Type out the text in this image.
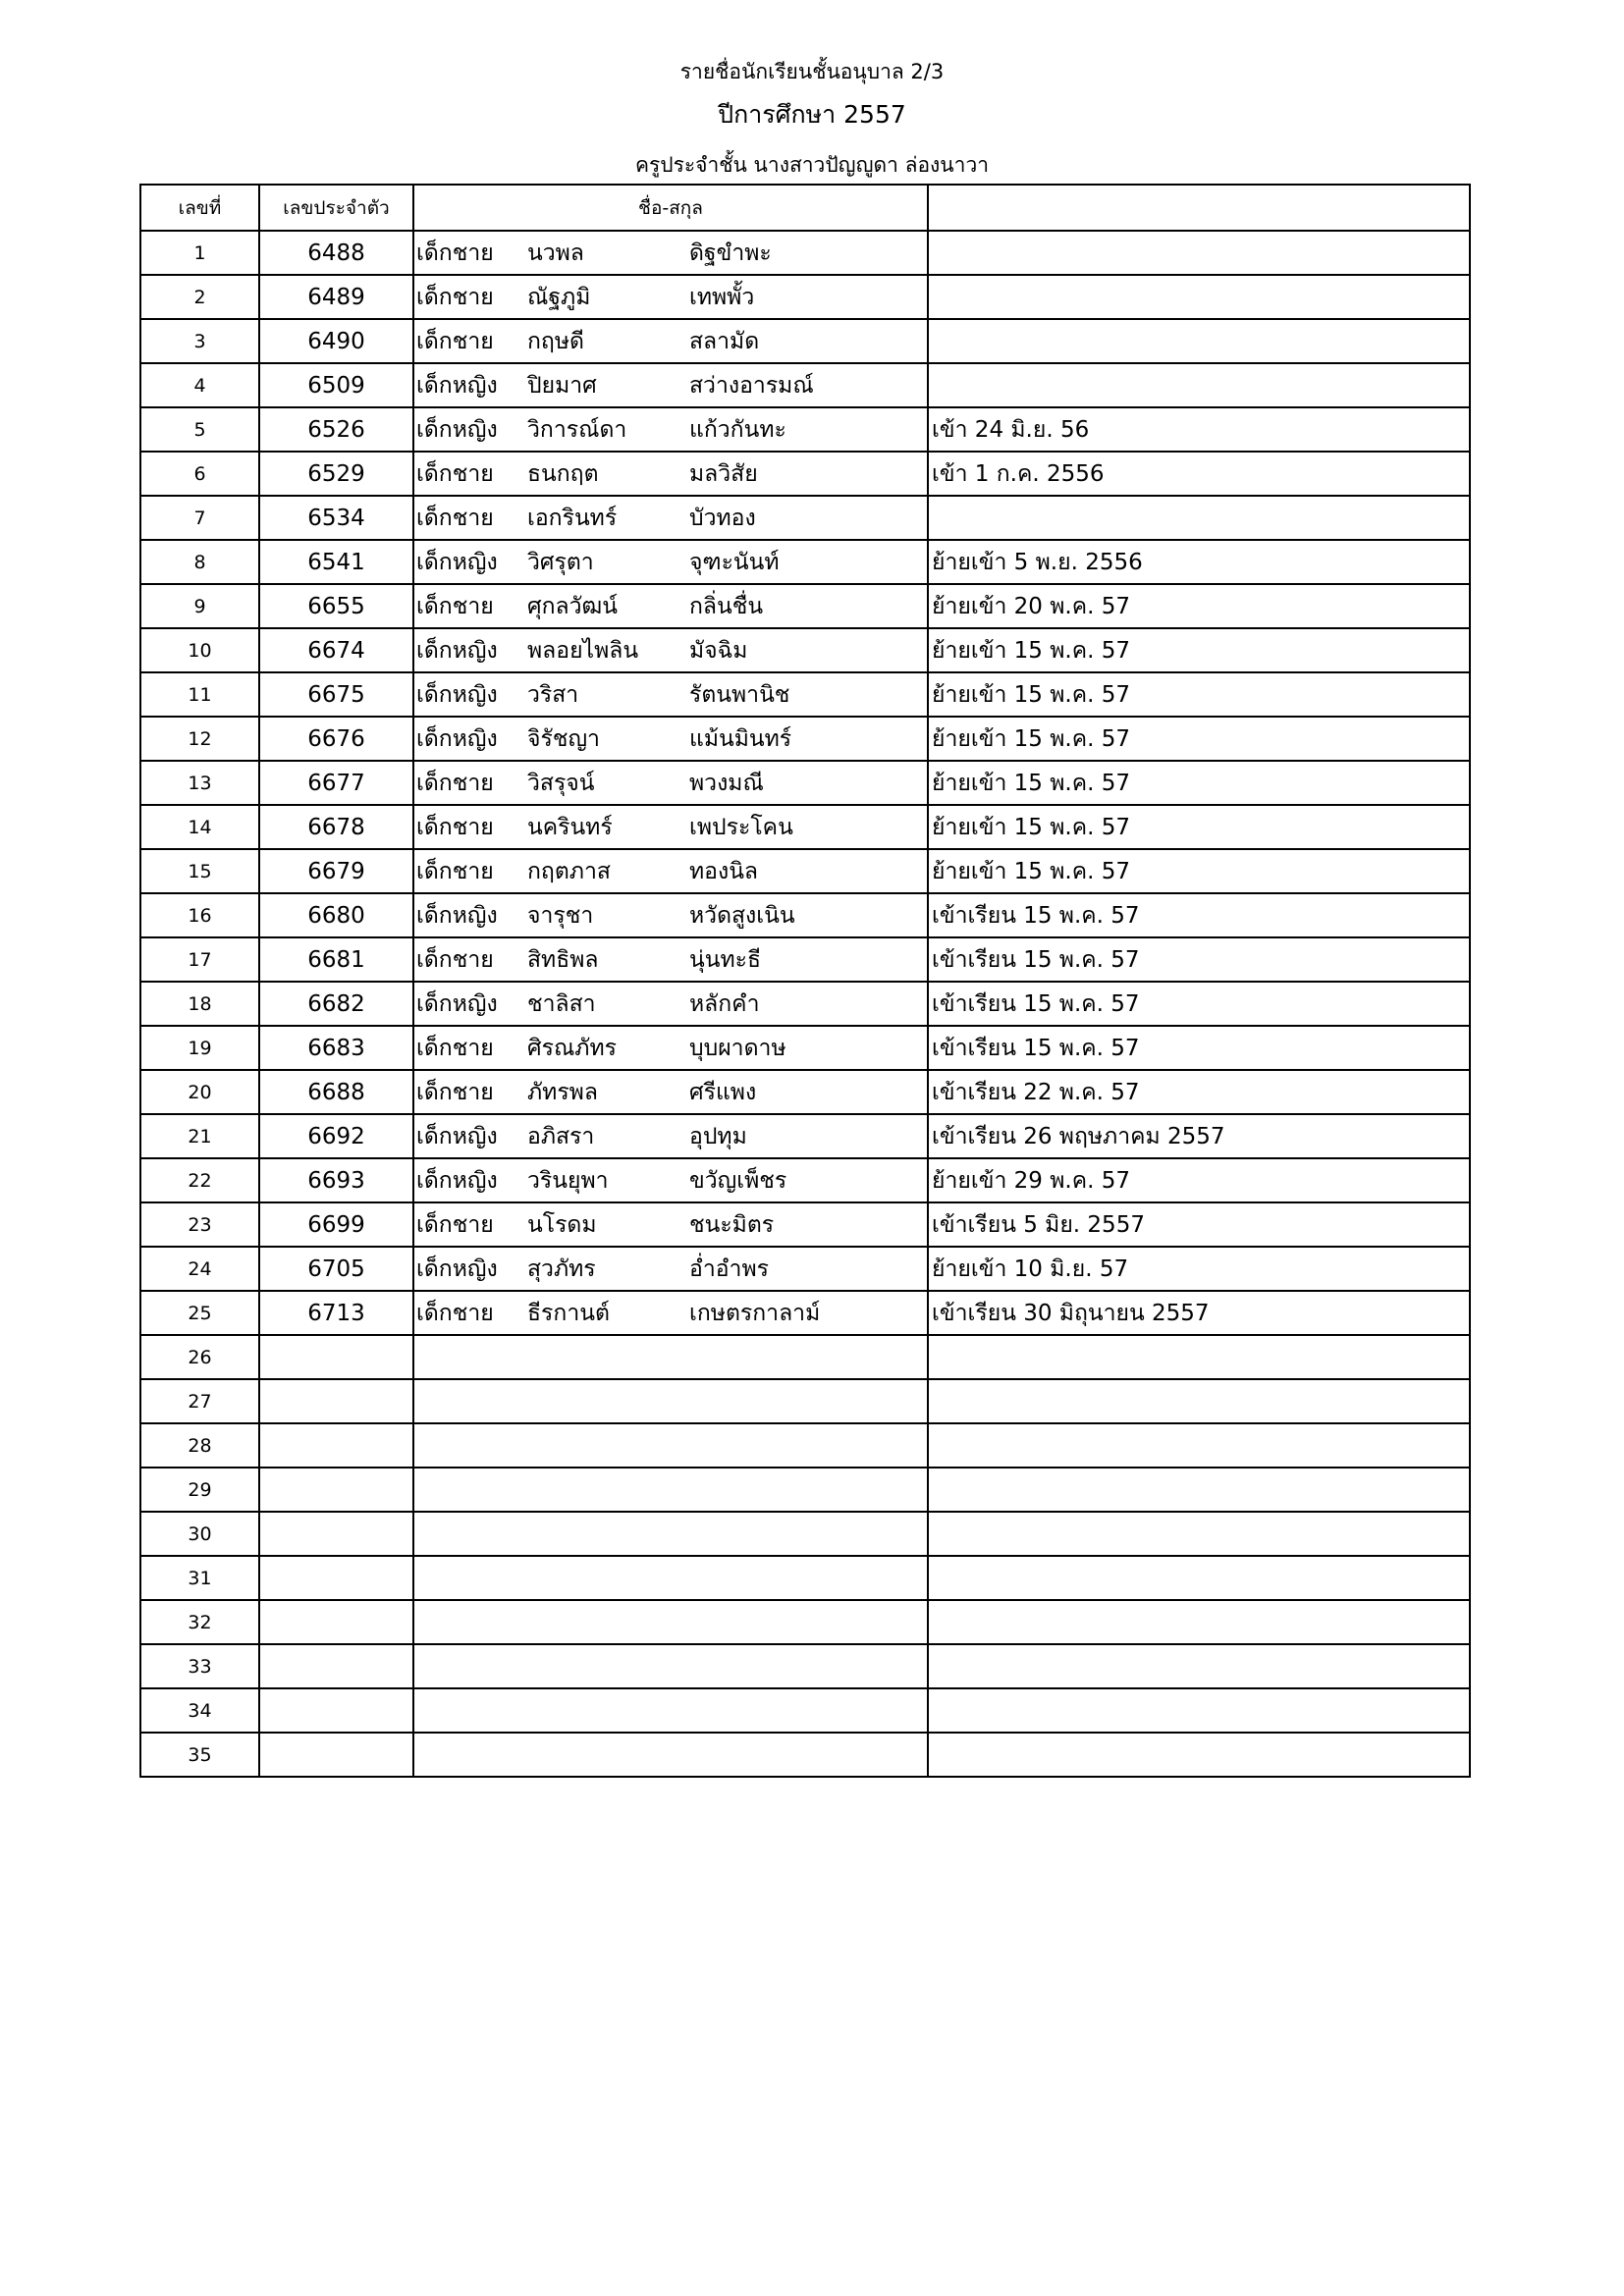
รายชื่อนักเรียนชั้นอนุบาล 2/3
ปีการศึกษา 2557
ครูประจำชั้น นางสาวปัญญูดา ล่องนาวา
เลขที่	เลขประจำตัว	ชื่อ-สกุล	
1	6488	เด็กชาย นวพล ดิฐขำพะ	

2	6489	เด็กชาย ณัฐภูมิ เทพพั้ว	

3	6490	เด็กชาย กฤษดี สลามัด	

4	6509	เด็กหญิง ปิยมาศ สว่างอารมณ์	

5	6526	เด็กหญิง วิการณ์ดา แก้วกันทะ	เข้า 24 มิ.ย. 56
6	6529	เด็กชาย ธนกฤต มลวิสัย	เข้า 1 ก.ค. 2556
7	6534	เด็กชาย เอกรินทร์ บัวทอง	

8	6541	เด็กหญิง วิศรุตา จุฑะนันท์	ย้ายเข้า 5 พ.ย. 2556
9	6655	เด็กชาย ศุกลวัฒน์ กลิ่นชื่น	ย้ายเข้า 20 พ.ค. 57
10	6674	เด็กหญิง พลอยไพลิน มัจฉิม	ย้ายเข้า 15 พ.ค. 57
11	6675	เด็กหญิง วริสา รัตนพานิช	ย้ายเข้า 15 พ.ค. 57
12	6676	เด็กหญิง จิรัชญา แม้นมินทร์	ย้ายเข้า 15 พ.ค. 57
13	6677	เด็กชาย วิสรุจน์ พวงมณี	ย้ายเข้า 15 พ.ค. 57
14	6678	เด็กชาย นครินทร์ เพประโคน	ย้ายเข้า 15 พ.ค. 57
15	6679	เด็กชาย กฤตภาส ทองนิล	ย้ายเข้า 15 พ.ค. 57
16	6680	เด็กหญิง จารุชา หวัดสูงเนิน	เข้าเรียน 15 พ.ค. 57
17	6681	เด็กชาย สิทธิพล นุ่นทะธี	เข้าเรียน 15 พ.ค. 57
18	6682	เด็กหญิง ชาลิสา หลักคำ	เข้าเรียน 15 พ.ค. 57
19	6683	เด็กชาย ศิรณภัทร บุบผาดาษ	เข้าเรียน 15 พ.ค. 57
20	6688	เด็กชาย ภัทรพล ศรีแพง	เข้าเรียน 22 พ.ค. 57
21	6692	เด็กหญิง อภิสรา อุปทุม	เข้าเรียน 26 พฤษภาคม 2557
22	6693	เด็กหญิง วรินยุพา ขวัญเพ็ชร	ย้ายเข้า 29 พ.ค. 57
23	6699	เด็กชาย นโรดม ชนะมิตร	เข้าเรียน 5 มิย. 2557
24	6705	เด็กหญิง สุวภัทร อ่ำอำพร	ย้ายเข้า 10 มิ.ย. 57
25	6713	เด็กชาย ธีรกานต์ เกษตรกาลาม์	เข้าเรียน 30 มิถุนายน 2557
26		

27		

28		

29		

30		

31		

32		

33		

34		

35		
